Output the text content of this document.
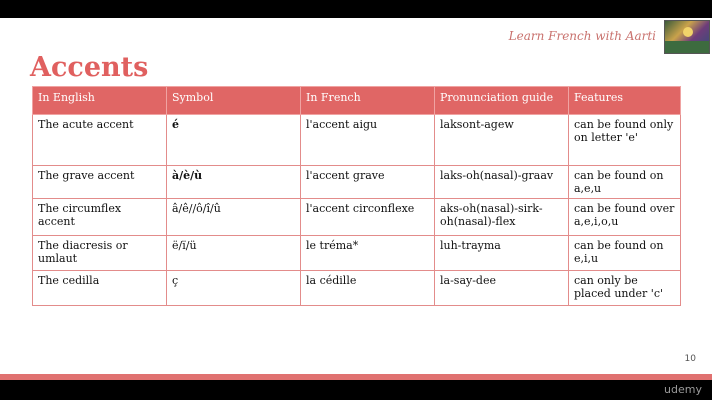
Learn French with Aarti
Accents
In English	Symbol	In French	Pronunciation guide	Features
The acute accent	é	l'accent aigu	laksont-agew	can be found only on letter 'e'
The grave accent	à/è/ù	l'accent grave	laks-oh(nasal)-graav	can be found on a,e,u
The circumflex accent	â/ê//ô/î/û	l'accent circonflexe	aks-oh(nasal)-sirk-oh(nasal)-flex	can be found over a,e,i,o,u
The diacresis or umlaut	ë/ï/ü	le tréma*	luh-trayma	can be found on e,i,u
The cedilla	ç	la cédille	la-say-dee	can only be placed under 'c'
10
udemy
